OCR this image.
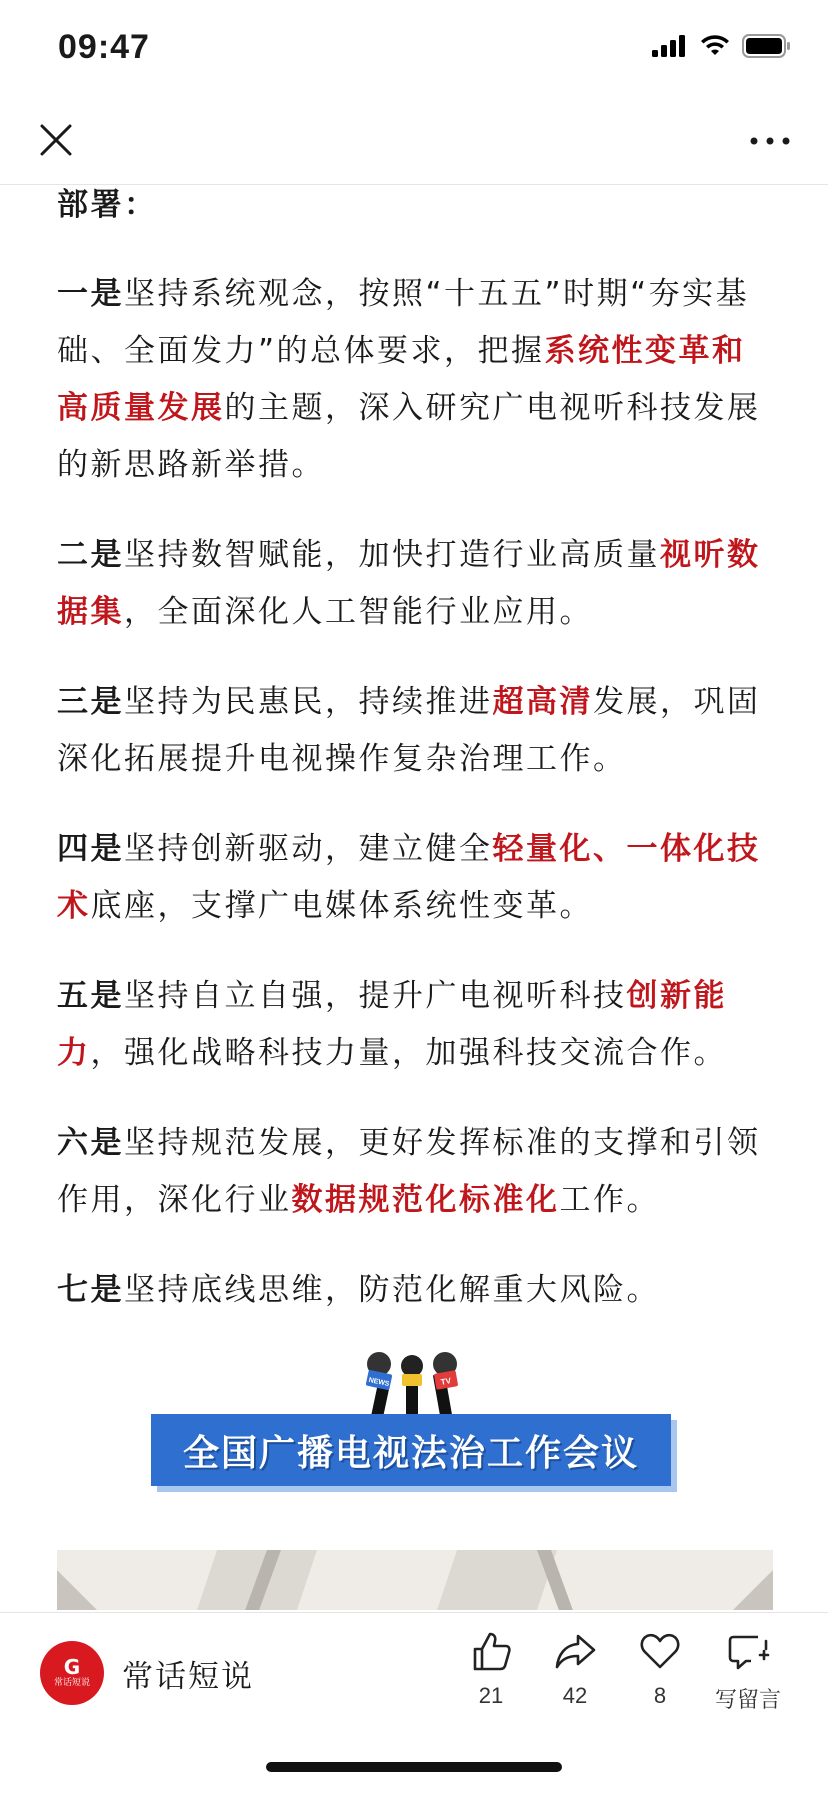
09:47

部署：

一是坚持系统观念，按照“十五五”时期“夯实基础、全面发力”的总体要求，把握系统性变革和高质量发展的主题，深入研究广电视听科技发展的新思路新举措。

二是坚持数智赋能，加快打造行业高质量视听数据集，全面深化人工智能行业应用。

三是坚持为民惠民，持续推进超高清发展，巩固深化拓展提升电视操作复杂治理工作。

四是坚持创新驱动，建立健全轻量化、一体化技术底座，支撑广电媒体系统性变革。

五是坚持自立自强，提升广电视听科技创新能力，强化战略科技力量，加强科技交流合作。

六是坚持规范发展，更好发挥标准的支撑和引领作用，深化行业数据规范化标准化工作。

七是坚持底线思维，防范化解重大风险。

NEWS	TV
全国广播电视法治工作会议
G
常话短说 常话短说
21	42	8	写留言
